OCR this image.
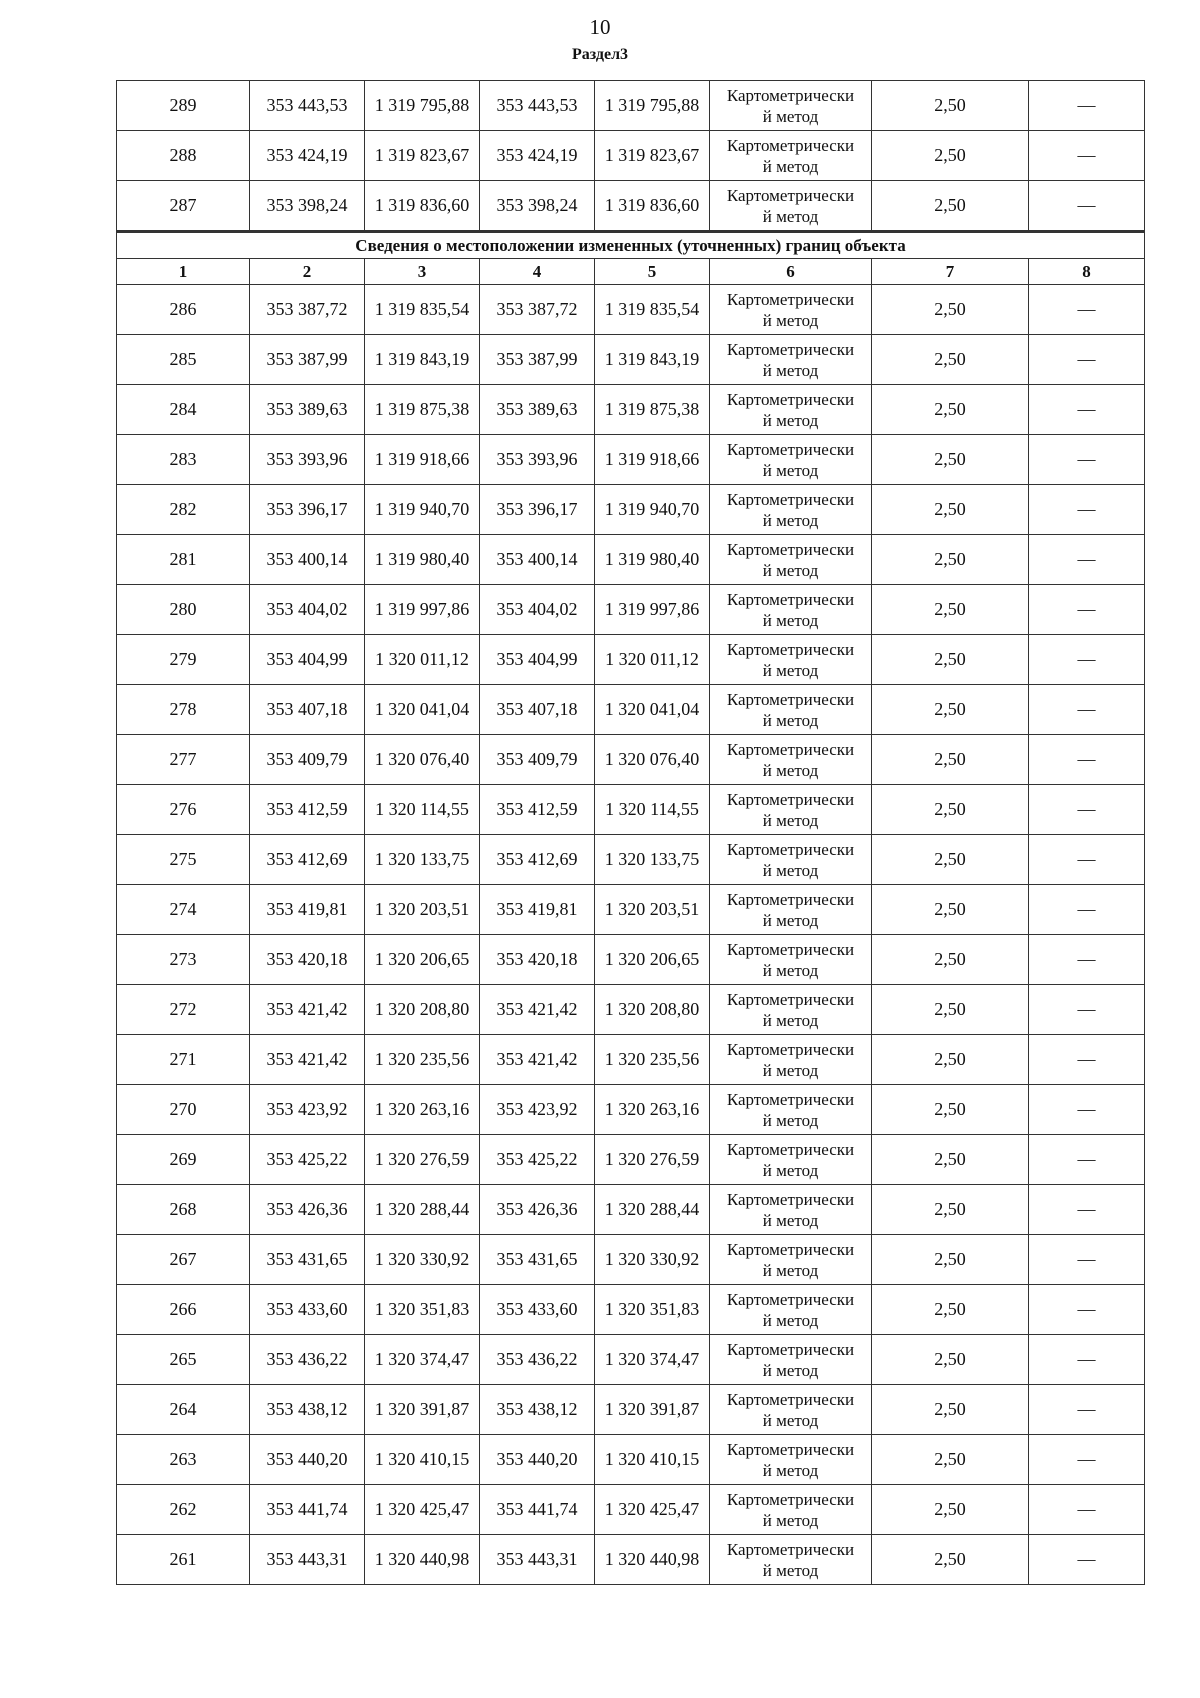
10
Раздел3
289	353 443,53	1 319 795,88	353 443,53	1 319 795,88	Картометрически
й метод	2,50	—
288	353 424,19	1 319 823,67	353 424,19	1 319 823,67	Картометрически
й метод	2,50	—
287	353 398,24	1 319 836,60	353 398,24	1 319 836,60	Картометрически
й метод	2,50	—
Сведения о местоположении измененных (уточненных) границ объекта							
1	2	3	4	5	6	7	8
286	353 387,72	1 319 835,54	353 387,72	1 319 835,54	Картометрически
й метод	2,50	—
285	353 387,99	1 319 843,19	353 387,99	1 319 843,19	Картометрически
й метод	2,50	—
284	353 389,63	1 319 875,38	353 389,63	1 319 875,38	Картометрически
й метод	2,50	—
283	353 393,96	1 319 918,66	353 393,96	1 319 918,66	Картометрически
й метод	2,50	—
282	353 396,17	1 319 940,70	353 396,17	1 319 940,70	Картометрически
й метод	2,50	—
281	353 400,14	1 319 980,40	353 400,14	1 319 980,40	Картометрически
й метод	2,50	—
280	353 404,02	1 319 997,86	353 404,02	1 319 997,86	Картометрически
й метод	2,50	—
279	353 404,99	1 320 011,12	353 404,99	1 320 011,12	Картометрически
й метод	2,50	—
278	353 407,18	1 320 041,04	353 407,18	1 320 041,04	Картометрически
й метод	2,50	—
277	353 409,79	1 320 076,40	353 409,79	1 320 076,40	Картометрически
й метод	2,50	—
276	353 412,59	1 320 114,55	353 412,59	1 320 114,55	Картометрически
й метод	2,50	—
275	353 412,69	1 320 133,75	353 412,69	1 320 133,75	Картометрически
й метод	2,50	—
274	353 419,81	1 320 203,51	353 419,81	1 320 203,51	Картометрически
й метод	2,50	—
273	353 420,18	1 320 206,65	353 420,18	1 320 206,65	Картометрически
й метод	2,50	—
272	353 421,42	1 320 208,80	353 421,42	1 320 208,80	Картометрически
й метод	2,50	—
271	353 421,42	1 320 235,56	353 421,42	1 320 235,56	Картометрически
й метод	2,50	—
270	353 423,92	1 320 263,16	353 423,92	1 320 263,16	Картометрически
й метод	2,50	—
269	353 425,22	1 320 276,59	353 425,22	1 320 276,59	Картометрически
й метод	2,50	—
268	353 426,36	1 320 288,44	353 426,36	1 320 288,44	Картометрически
й метод	2,50	—
267	353 431,65	1 320 330,92	353 431,65	1 320 330,92	Картометрически
й метод	2,50	—
266	353 433,60	1 320 351,83	353 433,60	1 320 351,83	Картометрически
й метод	2,50	—
265	353 436,22	1 320 374,47	353 436,22	1 320 374,47	Картометрически
й метод	2,50	—
264	353 438,12	1 320 391,87	353 438,12	1 320 391,87	Картометрически
й метод	2,50	—
263	353 440,20	1 320 410,15	353 440,20	1 320 410,15	Картометрически
й метод	2,50	—
262	353 441,74	1 320 425,47	353 441,74	1 320 425,47	Картометрически
й метод	2,50	—
261	353 443,31	1 320 440,98	353 443,31	1 320 440,98	Картометрически
й метод	2,50	—
